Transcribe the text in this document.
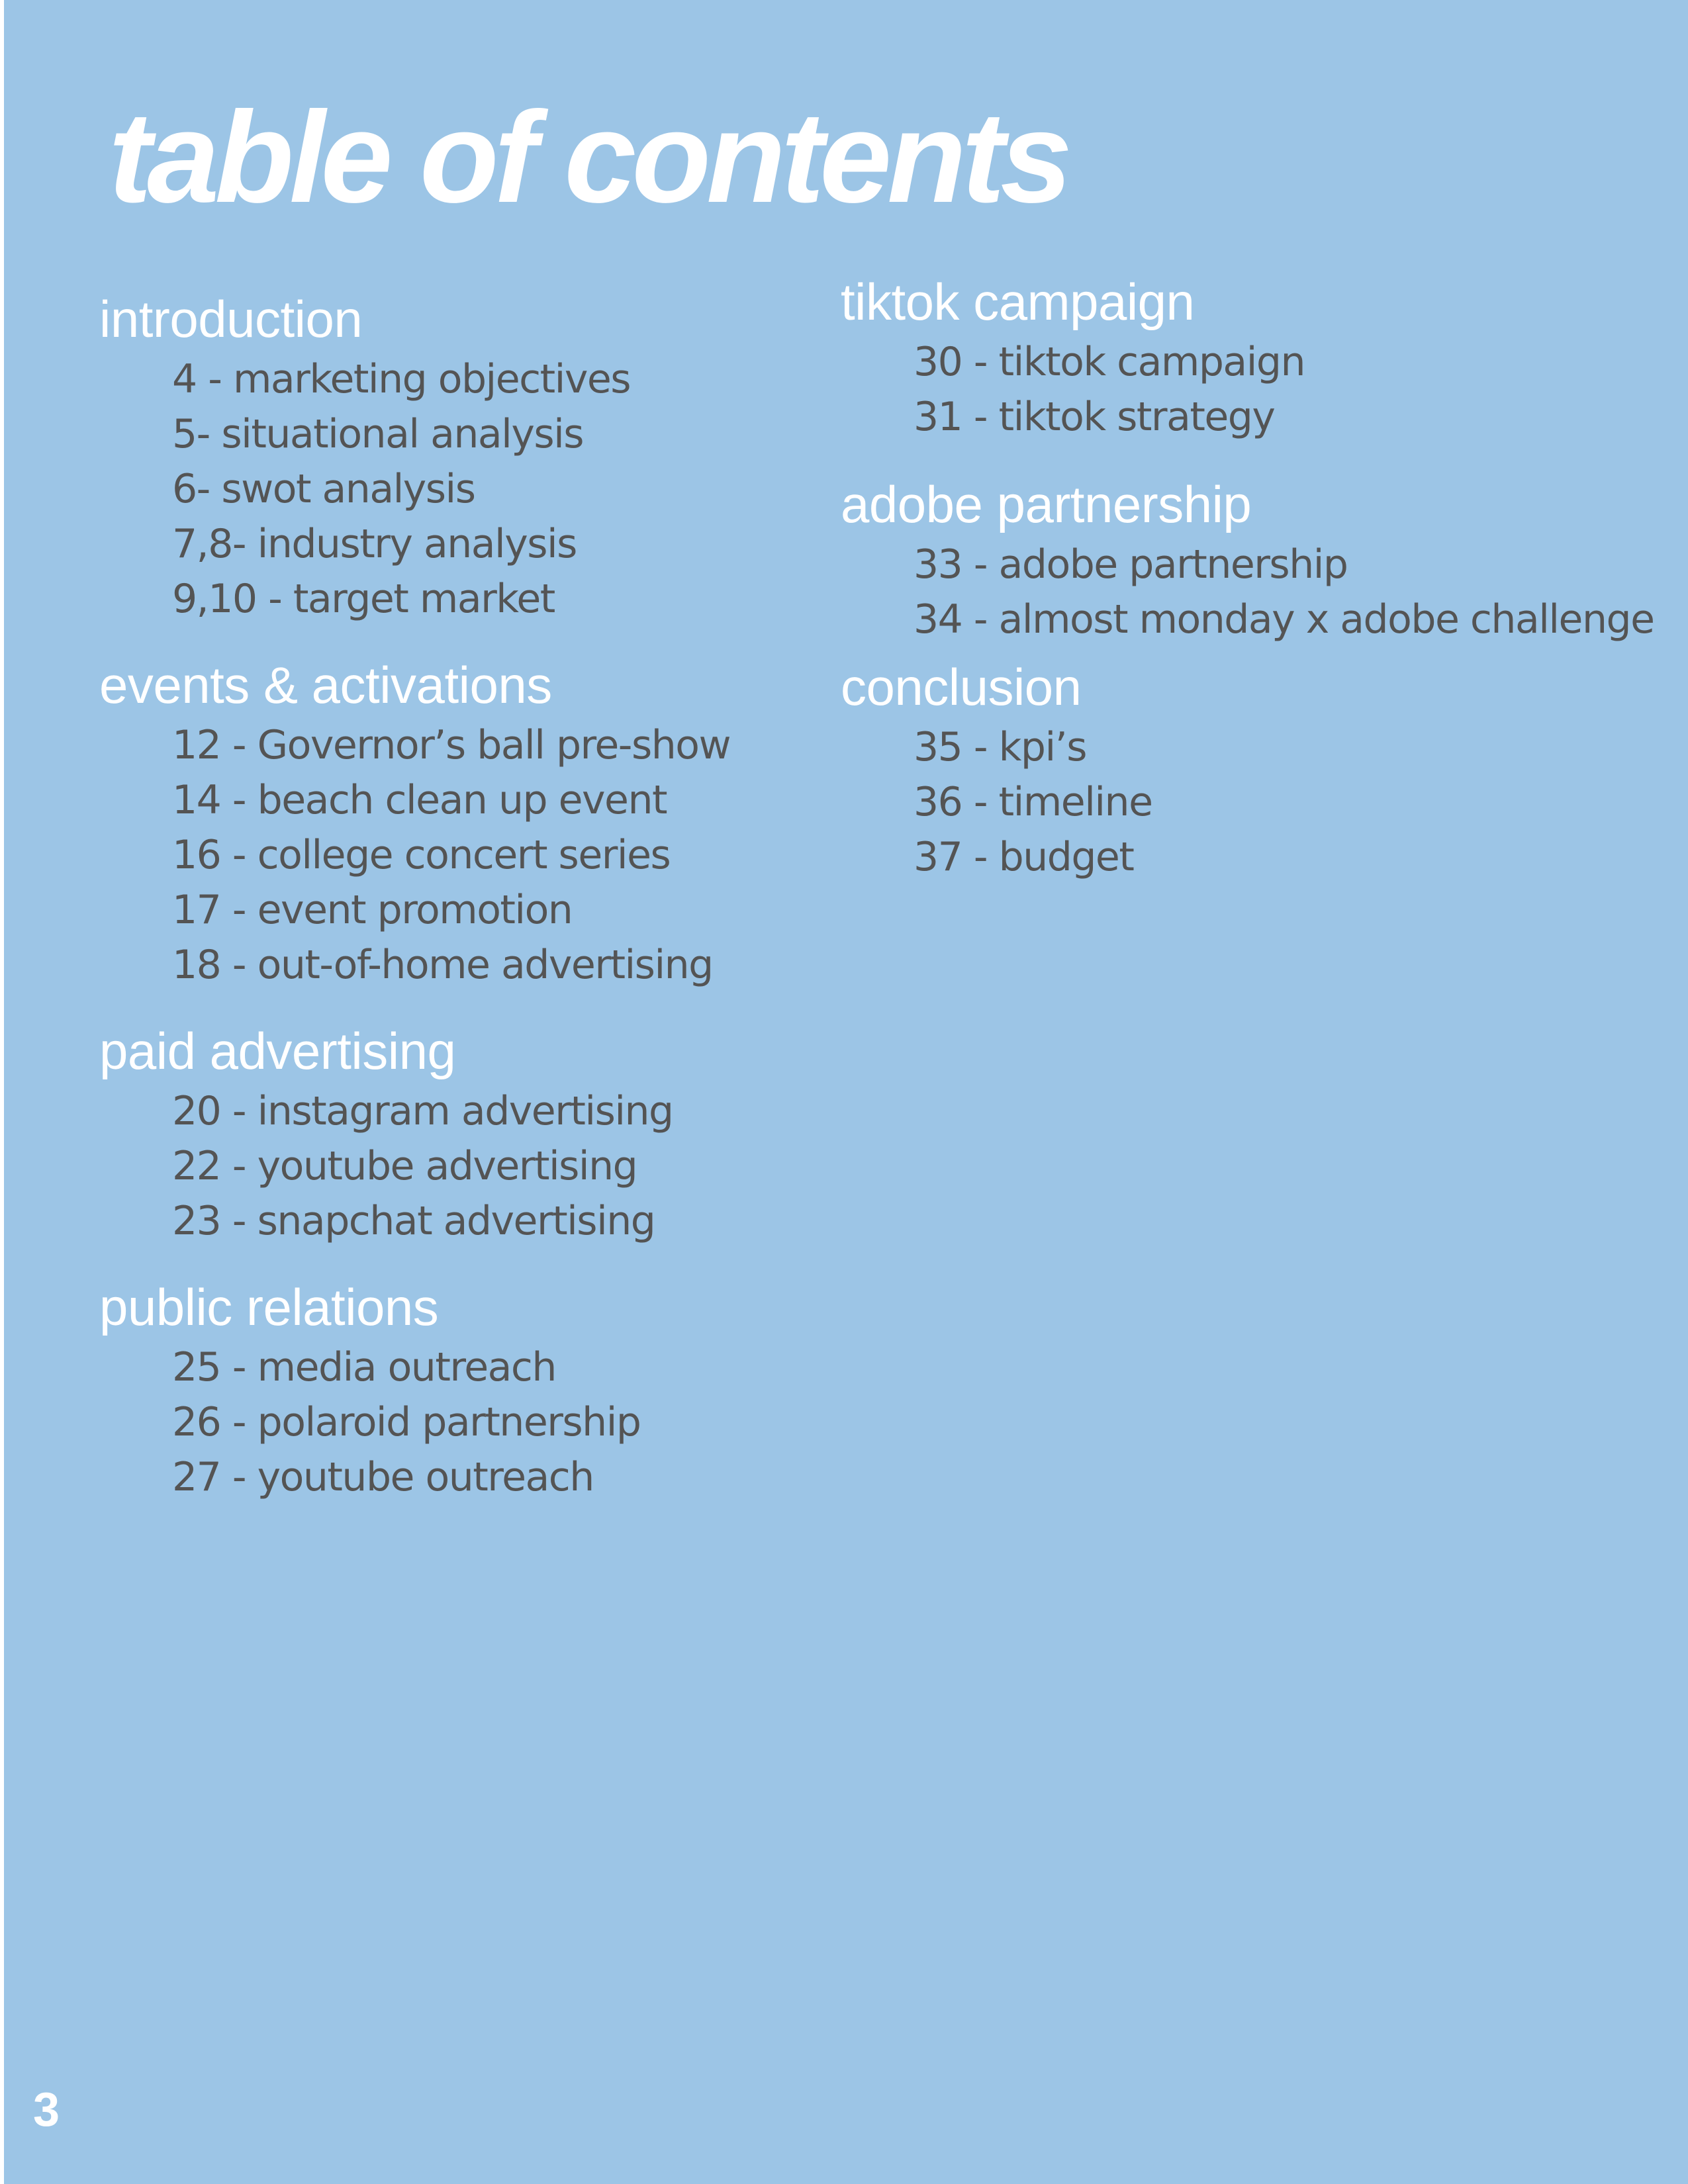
table of contents
introduction
4 - marketing objectives
5- situational analysis
6- swot analysis
7,8- industry analysis
9,10 - target market
events & activations
12 - Governor’s ball pre-show
14 - beach clean up event
16 - college concert series
17 - event promotion
18 - out-of-home advertising
paid advertising
20 - instagram advertising
22 - youtube advertising
23 - snapchat advertising
public relations
25 - media outreach
26 - polaroid partnership
27 - youtube outreach
tiktok campaign
30 - tiktok campaign
31 - tiktok strategy
adobe partnership
33 - adobe partnership
34 - almost monday x adobe challenge
conclusion
35 - kpi’s
36 - timeline
37 - budget
3
